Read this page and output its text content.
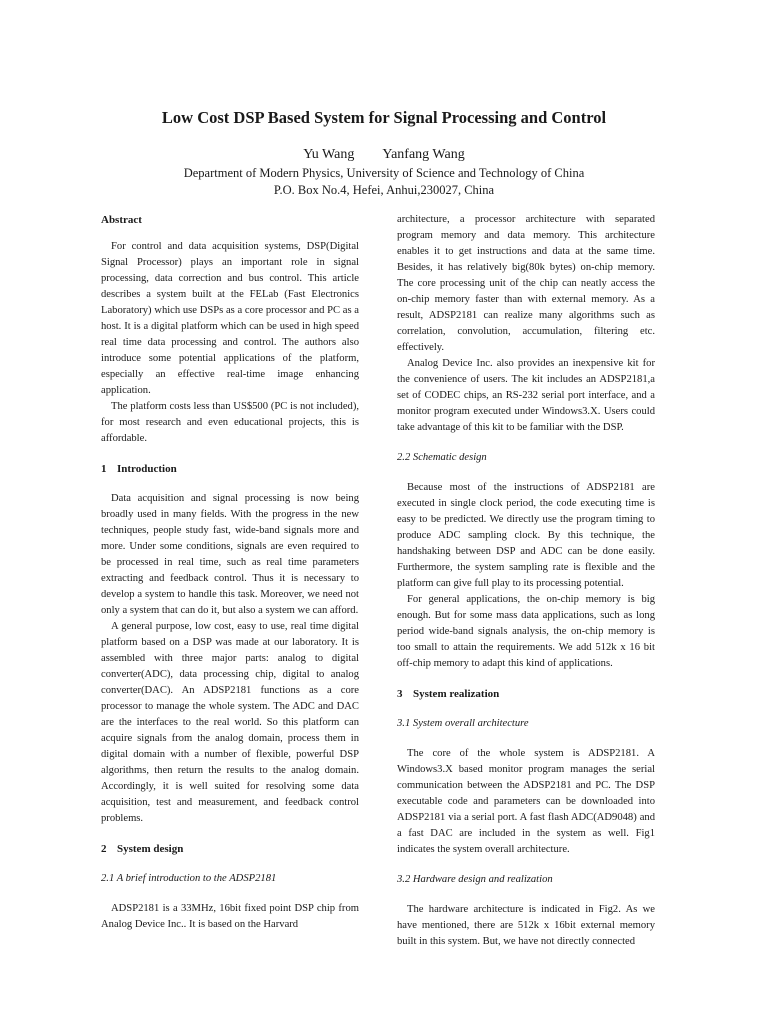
Low Cost DSP Based System for Signal Processing and Control
Yu Wang Yanfang Wang
Department of Modern Physics, University of Science and Technology of China
P.O. Box No.4, Hefei, Anhui,230027, China
Abstract

For control and data acquisition systems, DSP(Digital Signal Processor) plays an important role in signal processing, data correction and bus control. This article describes a system built at the FELab (Fast Electronics Laboratory) which use DSPs as a core processor and PC as a host. It is a digital platform which can be used in high speed real time data processing and control. The authors also introduce some potential applications of the platform, especially an effective real-time image enhancing application.

The platform costs less than US$500 (PC is not included), for most research and even educational projects, this is affordable.

1 Introduction

Data acquisition and signal processing is now being broadly used in many fields. With the progress in the new techniques, people study fast, wide-band signals more and more. Under some conditions, signals are even required to be processed in real time, such as real time parameters extracting and feedback control. Thus it is necessary to develop a system to handle this task. Moreover, we need not only a system that can do it, but also a system we can afford.

A general purpose, low cost, easy to use, real time digital platform based on a DSP was made at our laboratory. It is assembled with three major parts: analog to digital converter(ADC), data processing chip, digital to analog converter(DAC). An ADSP2181 functions as a core processor to manage the whole system. The ADC and DAC are the interfaces to the real world. So this platform can acquire signals from the analog domain, process them in digital domain with a number of flexible, powerful DSP algorithms, then return the results to the analog domain. Accordingly, it is well suited for resolving some data acquisition, test and measurement, and feedback control problems.

2 System design
2.1 A brief introduction to the ADSP2181

ADSP2181 is a 33MHz, 16bit fixed point DSP chip from Analog Device Inc.. It is based on the Harvard

architecture, a processor architecture with separated program memory and data memory. This architecture enables it to get instructions and data at the same time. Besides, it has relatively big(80k bytes) on-chip memory. The core processing unit of the chip can neatly access the on-chip memory faster than with external memory. As a result, ADSP2181 can realize many algorithms such as correlation, convolution, accumulation, filtering etc. effectively.

Analog Device Inc. also provides an inexpensive kit for the convenience of users. The kit includes an ADSP2181,a set of CODEC chips, an RS-232 serial port interface, and a monitor program executed under Windows3.X. Users could take advantage of this kit to be familiar with the DSP.

2.2 Schematic design

Because most of the instructions of ADSP2181 are executed in single clock period, the code executing time is easy to be predicted. We directly use the program timing to produce ADC sampling clock. By this technique, the handshaking between DSP and ADC can be done easily. Furthermore, the system sampling rate is flexible and the platform can give full play to its processing potential.

For general applications, the on-chip memory is big enough. But for some mass data applications, such as long period wide-band signals analysis, the on-chip memory is too small to attain the requirements. We add 512k x 16 bit off-chip memory to adapt this kind of applications.

3 System realization
3.1 System overall architecture

The core of the whole system is ADSP2181. A Windows3.X based monitor program manages the serial communication between the ADSP2181 and PC. The DSP executable code and parameters can be downloaded into ADSP2181 via a serial port. A fast flash ADC(AD9048) and a fast DAC are included in the system as well. Fig1 indicates the system overall architecture.

3.2 Hardware design and realization

The hardware architecture is indicated in Fig2. As we have mentioned, there are 512k x 16bit external memory built in this system. But, we have not directly connected
